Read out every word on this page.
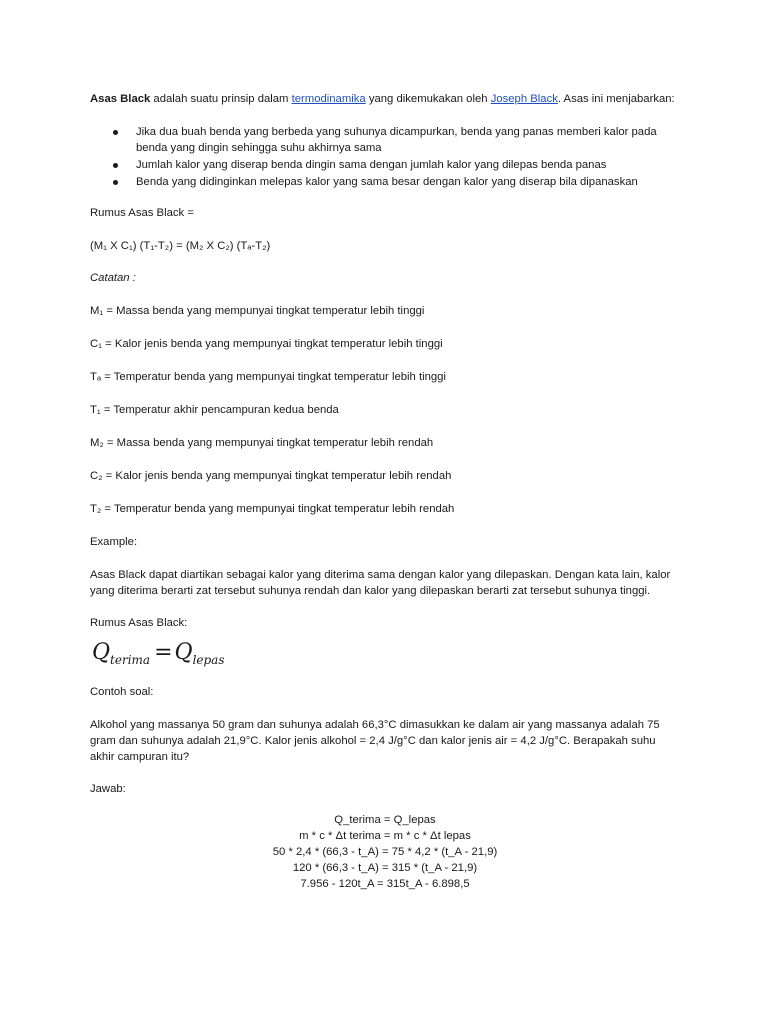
Asas Black adalah suatu prinsip dalam termodinamika yang dikemukakan oleh Joseph Black. Asas ini menjabarkan:
Jika dua buah benda yang berbeda yang suhunya dicampurkan, benda yang panas memberi kalor pada benda yang dingin sehingga suhu akhirnya sama
Jumlah kalor yang diserap benda dingin sama dengan jumlah kalor yang dilepas benda panas
Benda yang didinginkan melepas kalor yang sama besar dengan kalor yang diserap bila dipanaskan
Rumus Asas Black =
(M₁ X C₁) (T₁-T₂) = (M₂ X C₂) (Tₐ-T₂)
Catatan :
M₁ = Massa benda yang mempunyai tingkat temperatur lebih tinggi
C₁ = Kalor jenis benda yang mempunyai tingkat temperatur lebih tinggi
Tₐ = Temperatur benda yang mempunyai tingkat temperatur lebih tinggi
T₁ = Temperatur akhir pencampuran kedua benda
M₂ = Massa benda yang mempunyai tingkat temperatur lebih rendah
C₂ = Kalor jenis benda yang mempunyai tingkat temperatur lebih rendah
T₂ = Temperatur benda yang mempunyai tingkat temperatur lebih rendah
Example:
Asas Black dapat diartikan sebagai kalor yang diterima sama dengan kalor yang dilepaskan. Dengan kata lain, kalor yang diterima berarti zat tersebut suhunya rendah dan kalor yang dilepaskan berarti zat tersebut suhunya tinggi.
Rumus Asas Black:
Qterima =Qlepas
Contoh soal:
Alkohol yang massanya 50 gram dan suhunya adalah 66,3°C dimasukkan ke dalam air yang massanya adalah 75 gram dan suhunya adalah 21,9°C. Kalor jenis alkohol = 2,4 J/g°C dan kalor jenis air = 4,2 J/g°C. Berapakah suhu akhir campuran itu?
Jawab:
Q_terima = Q_lepas
m * c * Δt terima = m * c * Δt lepas
50 * 2,4 * (66,3 - t_A) = 75 * 4,2 * (t_A - 21,9)
120 * (66,3 - t_A) = 315 * (t_A - 21,9)
7.956 - 120t_A = 315t_A - 6.898,5
